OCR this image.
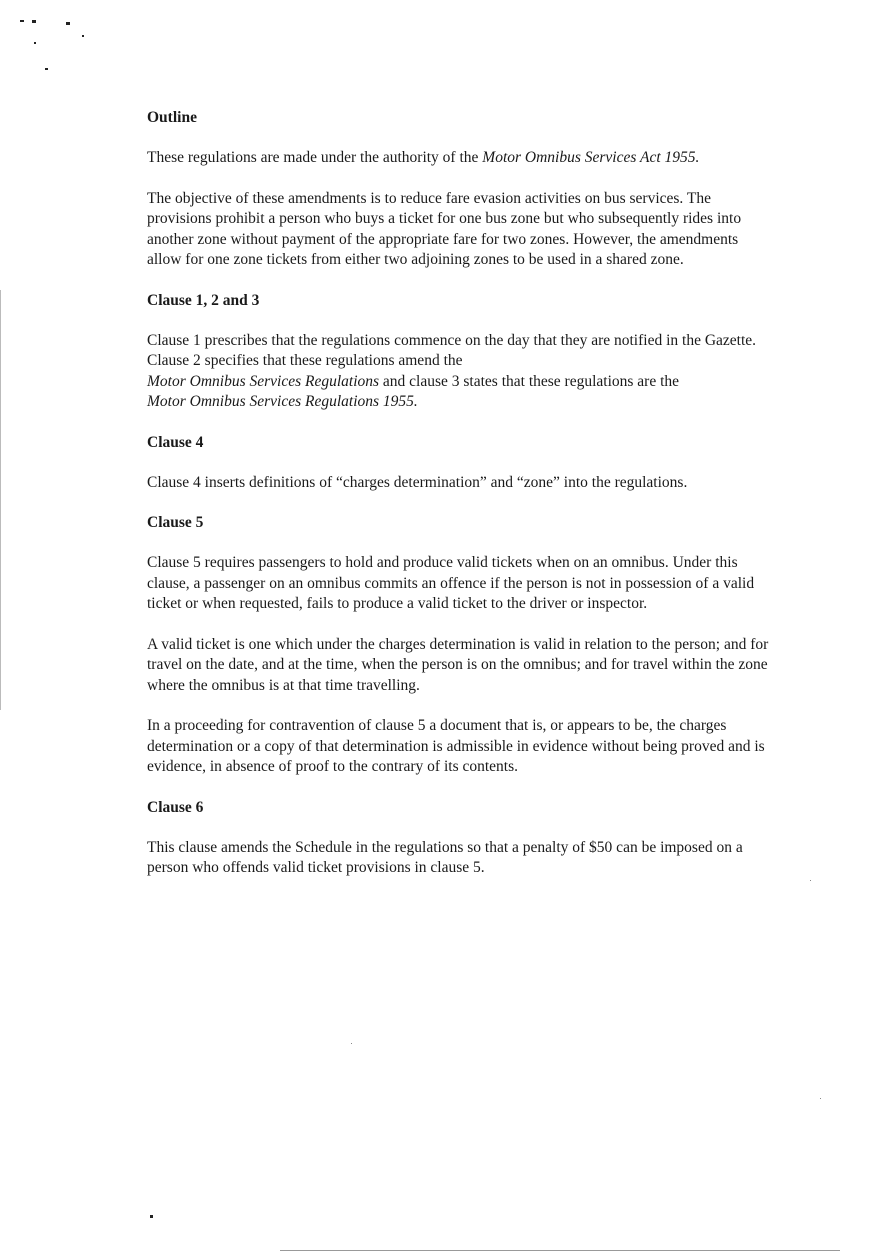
Outline
These regulations are made under the authority of the Motor Omnibus Services Act 1955.
The objective of these amendments is to reduce fare evasion activities on bus services. The provisions prohibit a person who buys a ticket for one bus zone but who subsequently rides into another zone without payment of the appropriate fare for two zones. However, the amendments allow for one zone tickets from either two adjoining zones to be used in a shared zone.
Clause 1, 2 and 3
Clause 1 prescribes that the regulations commence on the day that they are notified in the Gazette. Clause 2 specifies that these regulations amend the
Motor Omnibus Services Regulations and clause 3 states that these regulations are the
Motor Omnibus Services Regulations 1955.
Clause 4
Clause 4 inserts definitions of “charges determination” and “zone” into the regulations.
Clause 5
Clause 5 requires passengers to hold and produce valid tickets when on an omnibus. Under this clause, a passenger on an omnibus commits an offence if the person is not in possession of a valid ticket or when requested, fails to produce a valid ticket to the driver or inspector.
A valid ticket is one which under the charges determination is valid in relation to the person; and for travel on the date, and at the time, when the person is on the omnibus; and for travel within the zone where the omnibus is at that time travelling.
In a proceeding for contravention of clause 5 a document that is, or appears to be, the charges determination or a copy of that determination is admissible in evidence without being proved and is evidence, in absence of proof to the contrary of its contents.
Clause 6
This clause amends the Schedule in the regulations so that a penalty of $50 can be imposed on a person who offends valid ticket provisions in clause 5.
